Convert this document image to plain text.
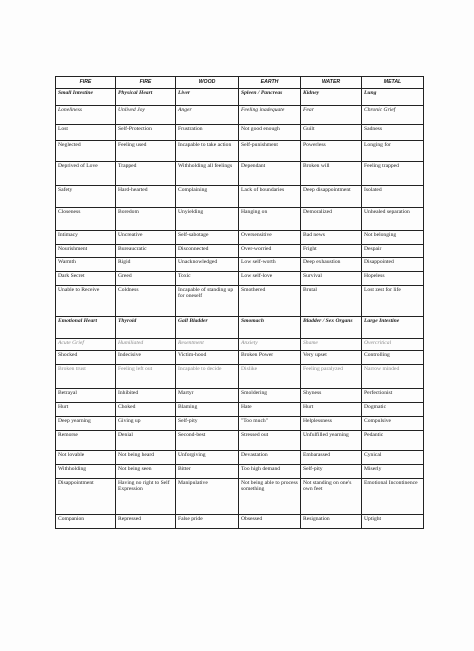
FIRE	FIRE	WOOD	EARTH	WATER	METAL
Small Intestine	Physical Heart	Liver	Spleen / Pancreas	Kidney	Lung
Loneliness	Unlived Joy	Anger	Feeling inadequate	Fear	Chronic Grief
Lost	Self-Protection	Frustration	Not good enough	Guilt	Sadness
Neglected	Feeling used	Incapable to take action	Self-punishment	Powerless	Longing for
Deprived of Love	Trapped	Withholding all feelings	Dependant	Broken will	Feeling trapped
Safety	Hard-hearted	Complaining	Lack of boundaries	Deep disappointment	Isolated
Closeness	Boredom	Unyielding	Hanging on	Demoralized	Unhealed separation
Intimacy	Uncreative	Self-sabotage	Oversensitive	Bad news	Not belonging
Nourishment	Bureaucratic	Disconnected	Over-worried	Fright	Despair
Warmth	Rigid	Unacknowledged	Low self-worth	Deep exhaustion	Disappointed
Dark Secret	Greed	Toxic	Low self-love	Survival	Hopeless
Unable to Receive	Coldness	Incapable of standing up for oneself	Smothered	Brutal	Lost zest for life
Emotional Heart	Thyroid	Gall Bladder	Smomach	Bladder / Sex Organs	Large Intestine
Acute Grief	Humiliated	Resentment	Anxiety	Shame	Overcritical
Shocked	Indecisive	Victim-hood	Broken Power	Very upset	Controlling
Broken trust	Feeling left out	Incapable to decide	Dislike	Feeling paralyzed	Narrow minded
Betrayal	Inhibited	Martyr	Smoldering	Shyness	Perfectionist
Hurt	Choked	Blaming	Hate	Hurt	Dogmatic
Deep yearning	Giving up	Self-pity	"Too much"	Helplessness	Compulsive
Remorse	Denial	Second-best	Stressed out	Unfulfilled yearning	Pedantic
Not lovable	Not being heard	Unforgiving	Devastation	Embarassed	Cynical
Withholding	Not being seen	Bitter	Too high demand	Self-pity	Miserly
Disappointment	Having no right to Self Expression	Manipulative	Not being able to process something	Not standing on one's own feet	Emotional Incontinence
Companion	Repressed	False pride	Obsessed	Resignation	Uptight
